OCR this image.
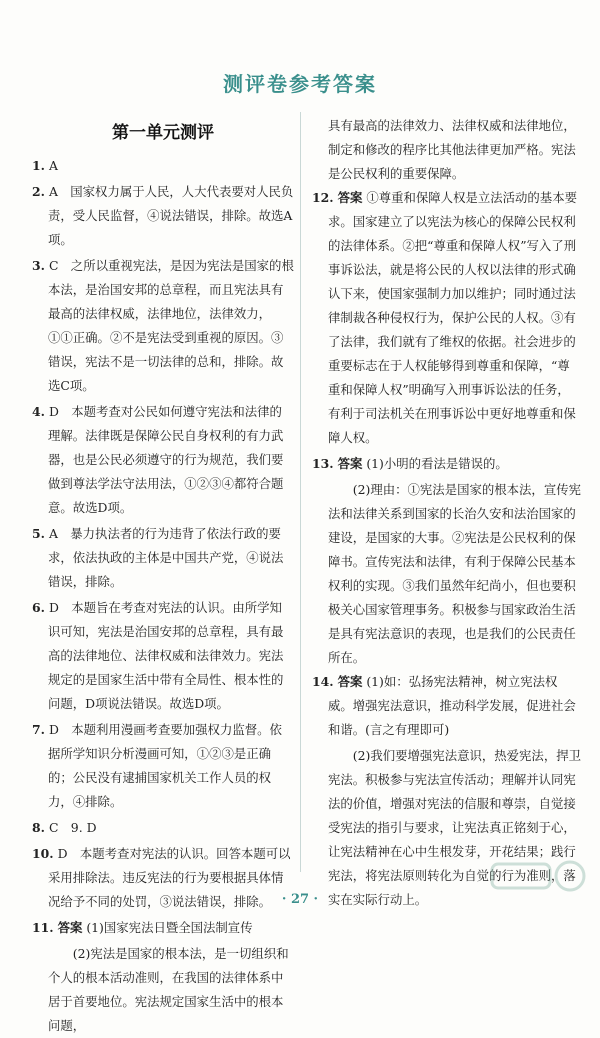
测评卷参考答案
第一单元测评

1. A

2. A　国家权力属于人民，人大代表要对人民负责，受人民监督，④说法错误，排除。故选A项。

3. C　之所以重视宪法，是因为宪法是国家的根本法，是治国安邦的总章程，而且宪法具有最高的法律权威，法律地位，法律效力，①①正确。②不是宪法受到重视的原因。③错误，宪法不是一切法律的总和，排除。故选C项。

4. D　本题考查对公民如何遵守宪法和法律的理解。法律既是保障公民自身权利的有力武器，也是公民必须遵守的行为规范，我们要做到尊法学法守法用法，①②③④都符合题意。故选D项。

5. A　暴力执法者的行为违背了依法行政的要求，依法执政的主体是中国共产党，④说法错误，排除。

6. D　本题旨在考查对宪法的认识。由所学知识可知，宪法是治国安邦的总章程，具有最高的法律地位、法律权威和法律效力。宪法规定的是国家生活中带有全局性、根本性的问题，D项说法错误。故选D项。

7. D　本题利用漫画考查要加强权力监督。依据所学知识分析漫画可知，①②③是正确的；公民没有逮捕国家机关工作人员的权力，④排除。

8. C　9. D

10. D　本题考查对宪法的认识。回答本题可以采用排除法。违反宪法的行为要根据具体情况给予不同的处罚，③说法错误，排除。

11. 答案 (1)国家宪法日暨全国法制宣传

(2)宪法是国家的根本法，是一切组织和个人的根本活动准则，在我国的法律体系中居于首要地位。宪法规定国家生活中的根本问题，

具有最高的法律效力、法律权威和法律地位，制定和修改的程序比其他法律更加严格。宪法是公民权利的重要保障。

12. 答案 ①尊重和保障人权是立法活动的基本要求。国家建立了以宪法为核心的保障公民权利的法律体系。②把“尊重和保障人权”写入了刑事诉讼法，就是将公民的人权以法律的形式确认下来，使国家强制力加以维护；同时通过法律制裁各种侵权行为，保护公民的人权。③有了法律，我们就有了维权的依据。社会进步的重要标志在于人权能够得到尊重和保障，“尊重和保障人权”明确写入刑事诉讼法的任务，有利于司法机关在刑事诉讼中更好地尊重和保障人权。

13. 答案 (1)小明的看法是错误的。

(2)理由：①宪法是国家的根本法，宣传宪法和法律关系到国家的长治久安和法治国家的建设，是国家的大事。②宪法是公民权利的保障书。宣传宪法和法律，有利于保障公民基本权利的实现。③我们虽然年纪尚小，但也要积极关心国家管理事务。积极参与国家政治生活是具有宪法意识的表现，也是我们的公民责任所在。

14. 答案 (1)如：弘扬宪法精神，树立宪法权威。增强宪法意识，推动科学发展，促进社会和谐。(言之有理即可)

(2)我们要增强宪法意识，热爱宪法，捍卫宪法。积极参与宪法宣传活动；理解并认同宪法的价值，增强对宪法的信服和尊崇，自觉接受宪法的指引与要求，让宪法真正铭刻于心，让宪法精神在心中生根发芽，开花结果；践行宪法，将宪法原则转化为自觉的行为准则，落实在实际行动上。

· 27 ·
